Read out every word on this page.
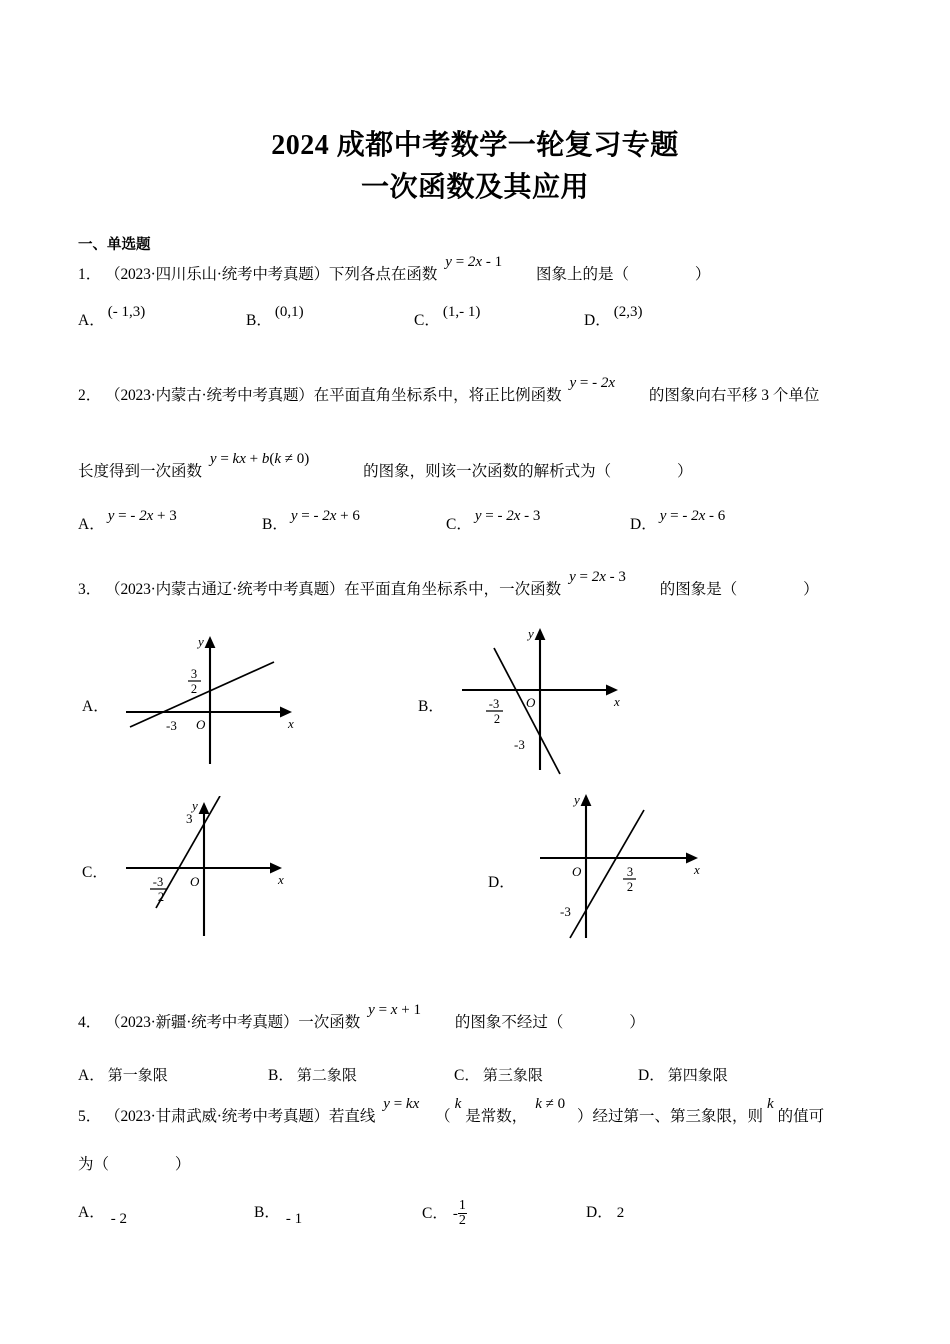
2024 成都中考数学一轮复习专题
一次函数及其应用
一、单选题
1． （2023·四川乐山·统考中考真题）下列各点在函数 y = 2x - 1 图象上的是（	）
A． (- 1,3)	B． (0,1)	C． (1,- 1)	D． (2,3)
2． （2023·内蒙古·统考中考真题）在平面直角坐标系中，将正比例函数 y = - 2x 的图象向右平移 3 个单位
长度得到一次函数 y = kx + b(k ≠ 0) 的图象，则该一次函数的解析式为（	）
A． y = - 2x + 3	B． y = - 2x + 6	C． y = - 2x - 3	D． y = - 2x - 6
3． （2023·内蒙古通辽·统考中考真题）在平面直角坐标系中，一次函数 y = 2x - 3 的图象是（	）
A．
y
x
O
-3
3
2
B．
y
x
O
-3
2
-3
C．
y
x
O
-3
2
3
D．
y
x
O	3
2
-3
4． （2023·新疆·统考中考真题）一次函数 y = x + 1 的图象不经过（	）
A． 第一象限	B． 第二象限	C． 第三象限	D． 第四象限
5． （2023·甘肃武威·统考中考真题）若直线 y = kx （k是常数， k ≠ 0 ）经过第一、第三象限，则k的值可
为（	）
A． - 2	B． - 1	C． - $\frac{1}{2}$	D． 2
